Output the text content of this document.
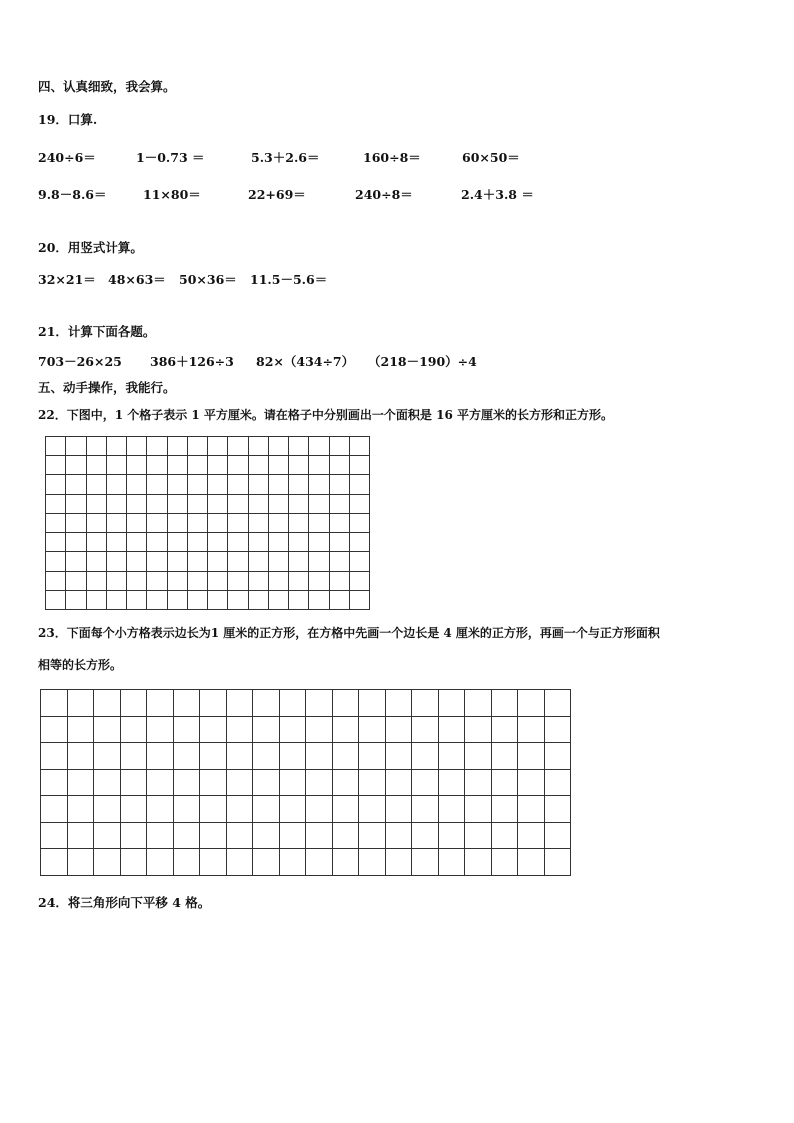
四、认真细致，我会算。
19．口算.
240÷6＝	1－0.73 ＝	5.3＋2.6＝	160÷8＝	60×50＝
9.8－8.6＝	11×80＝	22+69＝	240÷8＝	2.4＋3.8 ＝
20．用竖式计算。
32×21＝ 48×63＝ 50×36＝ 11.5－5.6＝
21．计算下面各题。
703－26×25 386＋126÷3 82×（434÷7） （218－190）÷4
五、动手操作，我能行。
22．下图中，1 个格子表示 1 平方厘米。请在格子中分别画出一个面积是 16 平方厘米的长方形和正方形。
23．下面每个小方格表示边长为1 厘米的正方形，在方格中先画一个边长是 4 厘米的正方形，再画一个与正方形面积
相等的长方形。
24．将三角形向下平移 4 格。
